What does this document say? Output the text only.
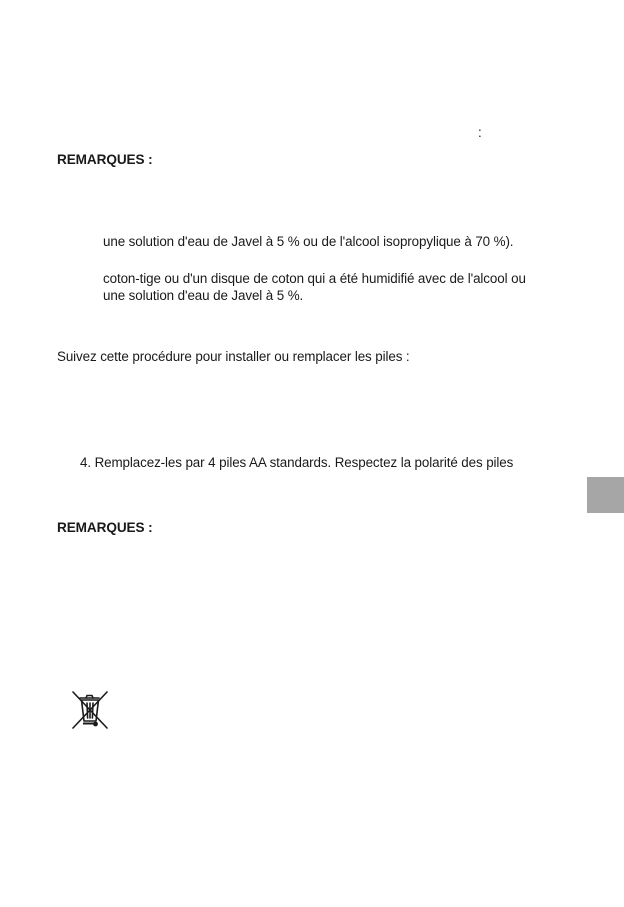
:
REMARQUES :
une solution d'eau de Javel à 5 % ou de l'alcool isopropylique à 70 %).
coton-tige ou d'un disque de coton qui a été humidifié avec de l'alcool ou
une solution d'eau de Javel à 5 %.
Suivez cette procédure pour installer ou remplacer les piles :
4. Remplacez-les par 4 piles AA standards. Respectez la polarité des piles
REMARQUES :
